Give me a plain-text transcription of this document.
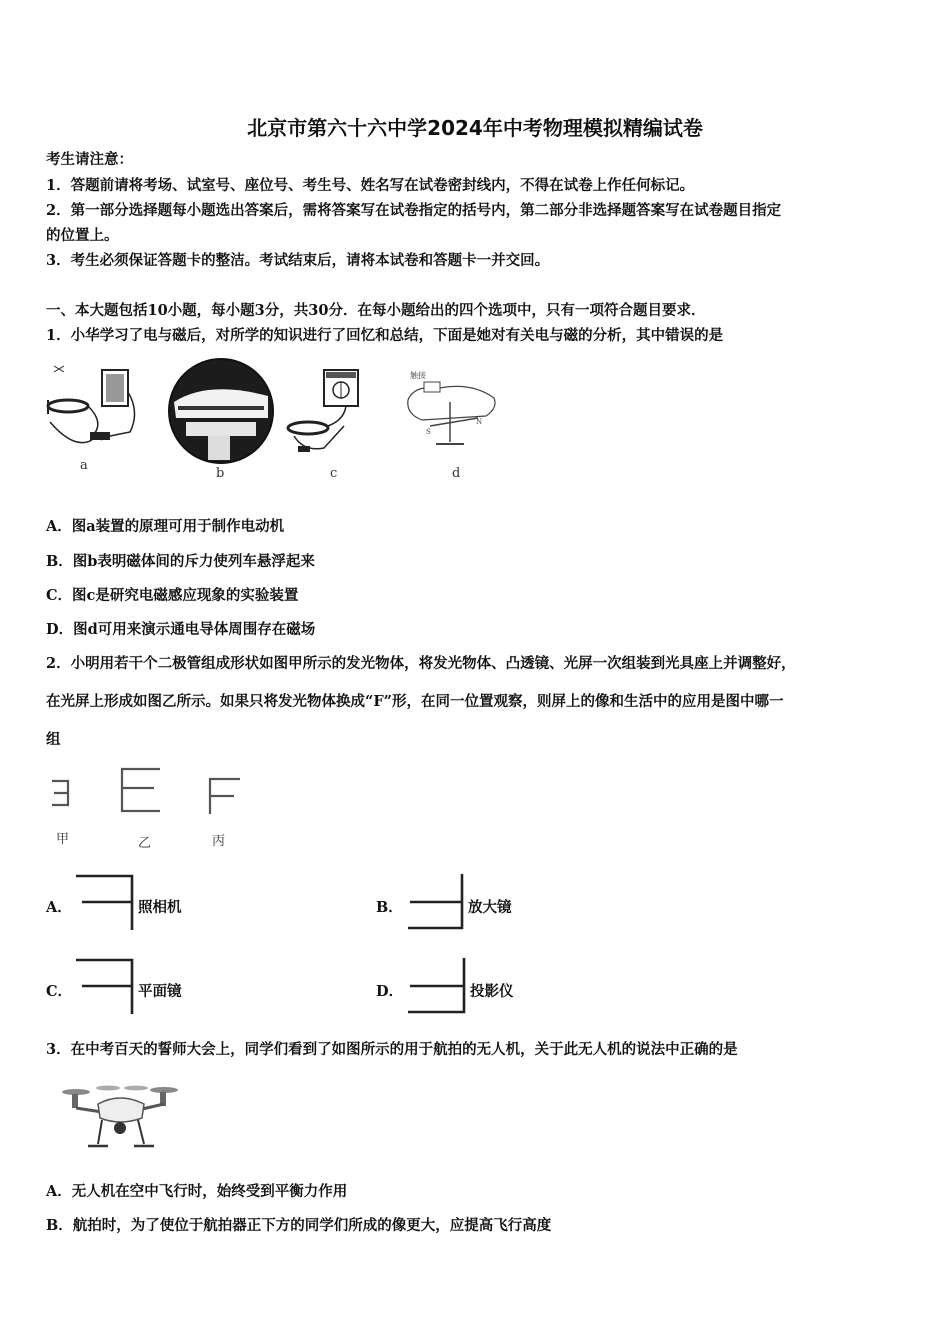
北京市第六十六中学2024年中考物理模拟精编试卷
考生请注意：
1．答题前请将考场、试室号、座位号、考生号、姓名写在试卷密封线内，不得在试卷上作任何标记。
2．第一部分选择题每小题选出答案后，需将答案写在试卷指定的括号内，第二部分非选择题答案写在试卷题目指定
的位置上。
3．考生必须保证答题卡的整洁。考试结束后，请将本试卷和答题卡一并交回。
一、本大题包括10小题，每小题3分，共30分．在每小题给出的四个选项中，只有一项符合题目要求．
1．小华学习了电与磁后，对所学的知识进行了回忆和总结，下面是她对有关电与磁的分析，其中错误的是
a
b	c
触接
S
N
d
A．图a装置的原理可用于制作电动机
B．图b表明磁体间的斥力使列车悬浮起来
C．图c是研究电磁感应现象的实验装置
D．图d可用来演示通电导体周围存在磁场
2．小明用若干个二极管组成形状如图甲所示的发光物体，将发光物体、凸透镜、光屏一次组装到光具座上并调整好，
在光屏上形成如图乙所示。如果只将发光物体换成“F”形，在同一位置观察，则屏上的像和生活中的应用是图中哪一
组
甲	乙	丙
A．	照相机	B．	放大镜
C．	平面镜	D．	投影仪
3．在中考百天的誓师大会上，同学们看到了如图所示的用于航拍的无人机，关于此无人机的说法中正确的是
A．无人机在空中飞行时，始终受到平衡力作用
B．航拍时，为了使位于航拍器正下方的同学们所成的像更大，应提高飞行高度
